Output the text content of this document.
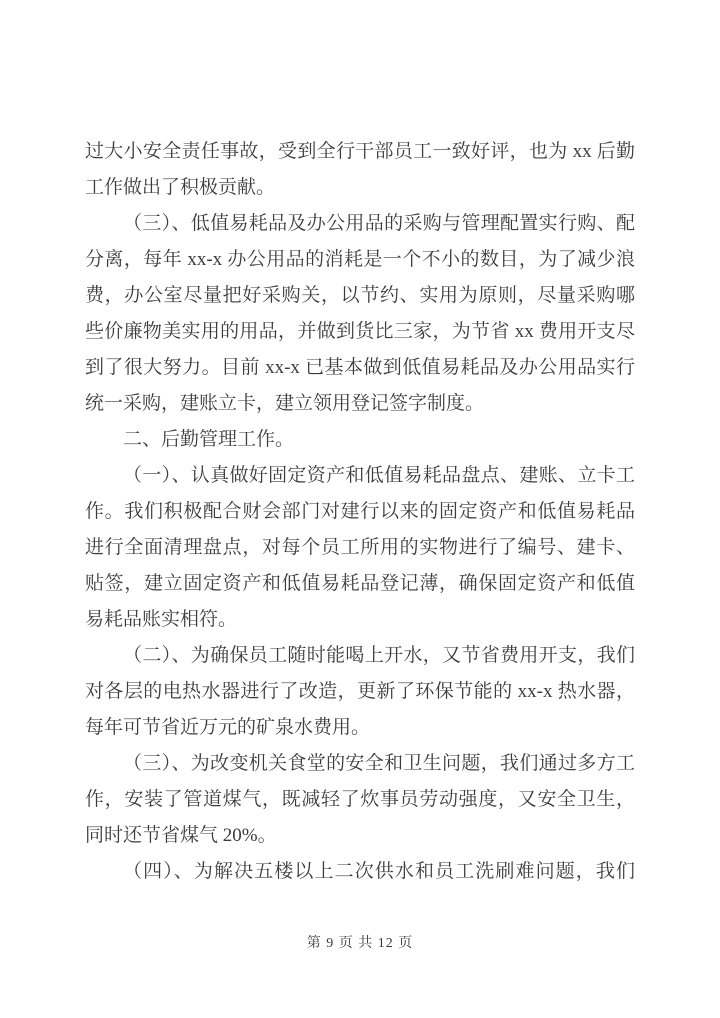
过大小安全责任事故，受到全行干部员工一致好评，也为 xx 后勤工作做出了积极贡献。

（三）、低值易耗品及办公用品的采购与管理配置实行购、配分离，每年 xx-x 办公用品的消耗是一个不小的数目，为了减少浪费，办公室尽量把好采购关，以节约、实用为原则，尽量采购哪些价廉物美实用的用品，并做到货比三家，为节省 xx 费用开支尽到了很大努力。目前 xx-x 已基本做到低值易耗品及办公用品实行统一采购，建账立卡，建立领用登记签字制度。

二、后勤管理工作。

（一）、认真做好固定资产和低值易耗品盘点、建账、立卡工作。我们积极配合财会部门对建行以来的固定资产和低值易耗品进行全面清理盘点，对每个员工所用的实物进行了编号、建卡、贴签，建立固定资产和低值易耗品登记薄，确保固定资产和低值易耗品账实相符。

（二）、为确保员工随时能喝上开水，又节省费用开支，我们对各层的电热水器进行了改造，更新了环保节能的 xx-x 热水器，每年可节省近万元的矿泉水费用。

（三）、为改变机关食堂的安全和卫生问题，我们通过多方工作，安装了管道煤气，既减轻了炊事员劳动强度，又安全卫生，同时还节省煤气 20%。

（四）、为解决五楼以上二次供水和员工洗刷难问题，我们

第 9 页 共 12 页
